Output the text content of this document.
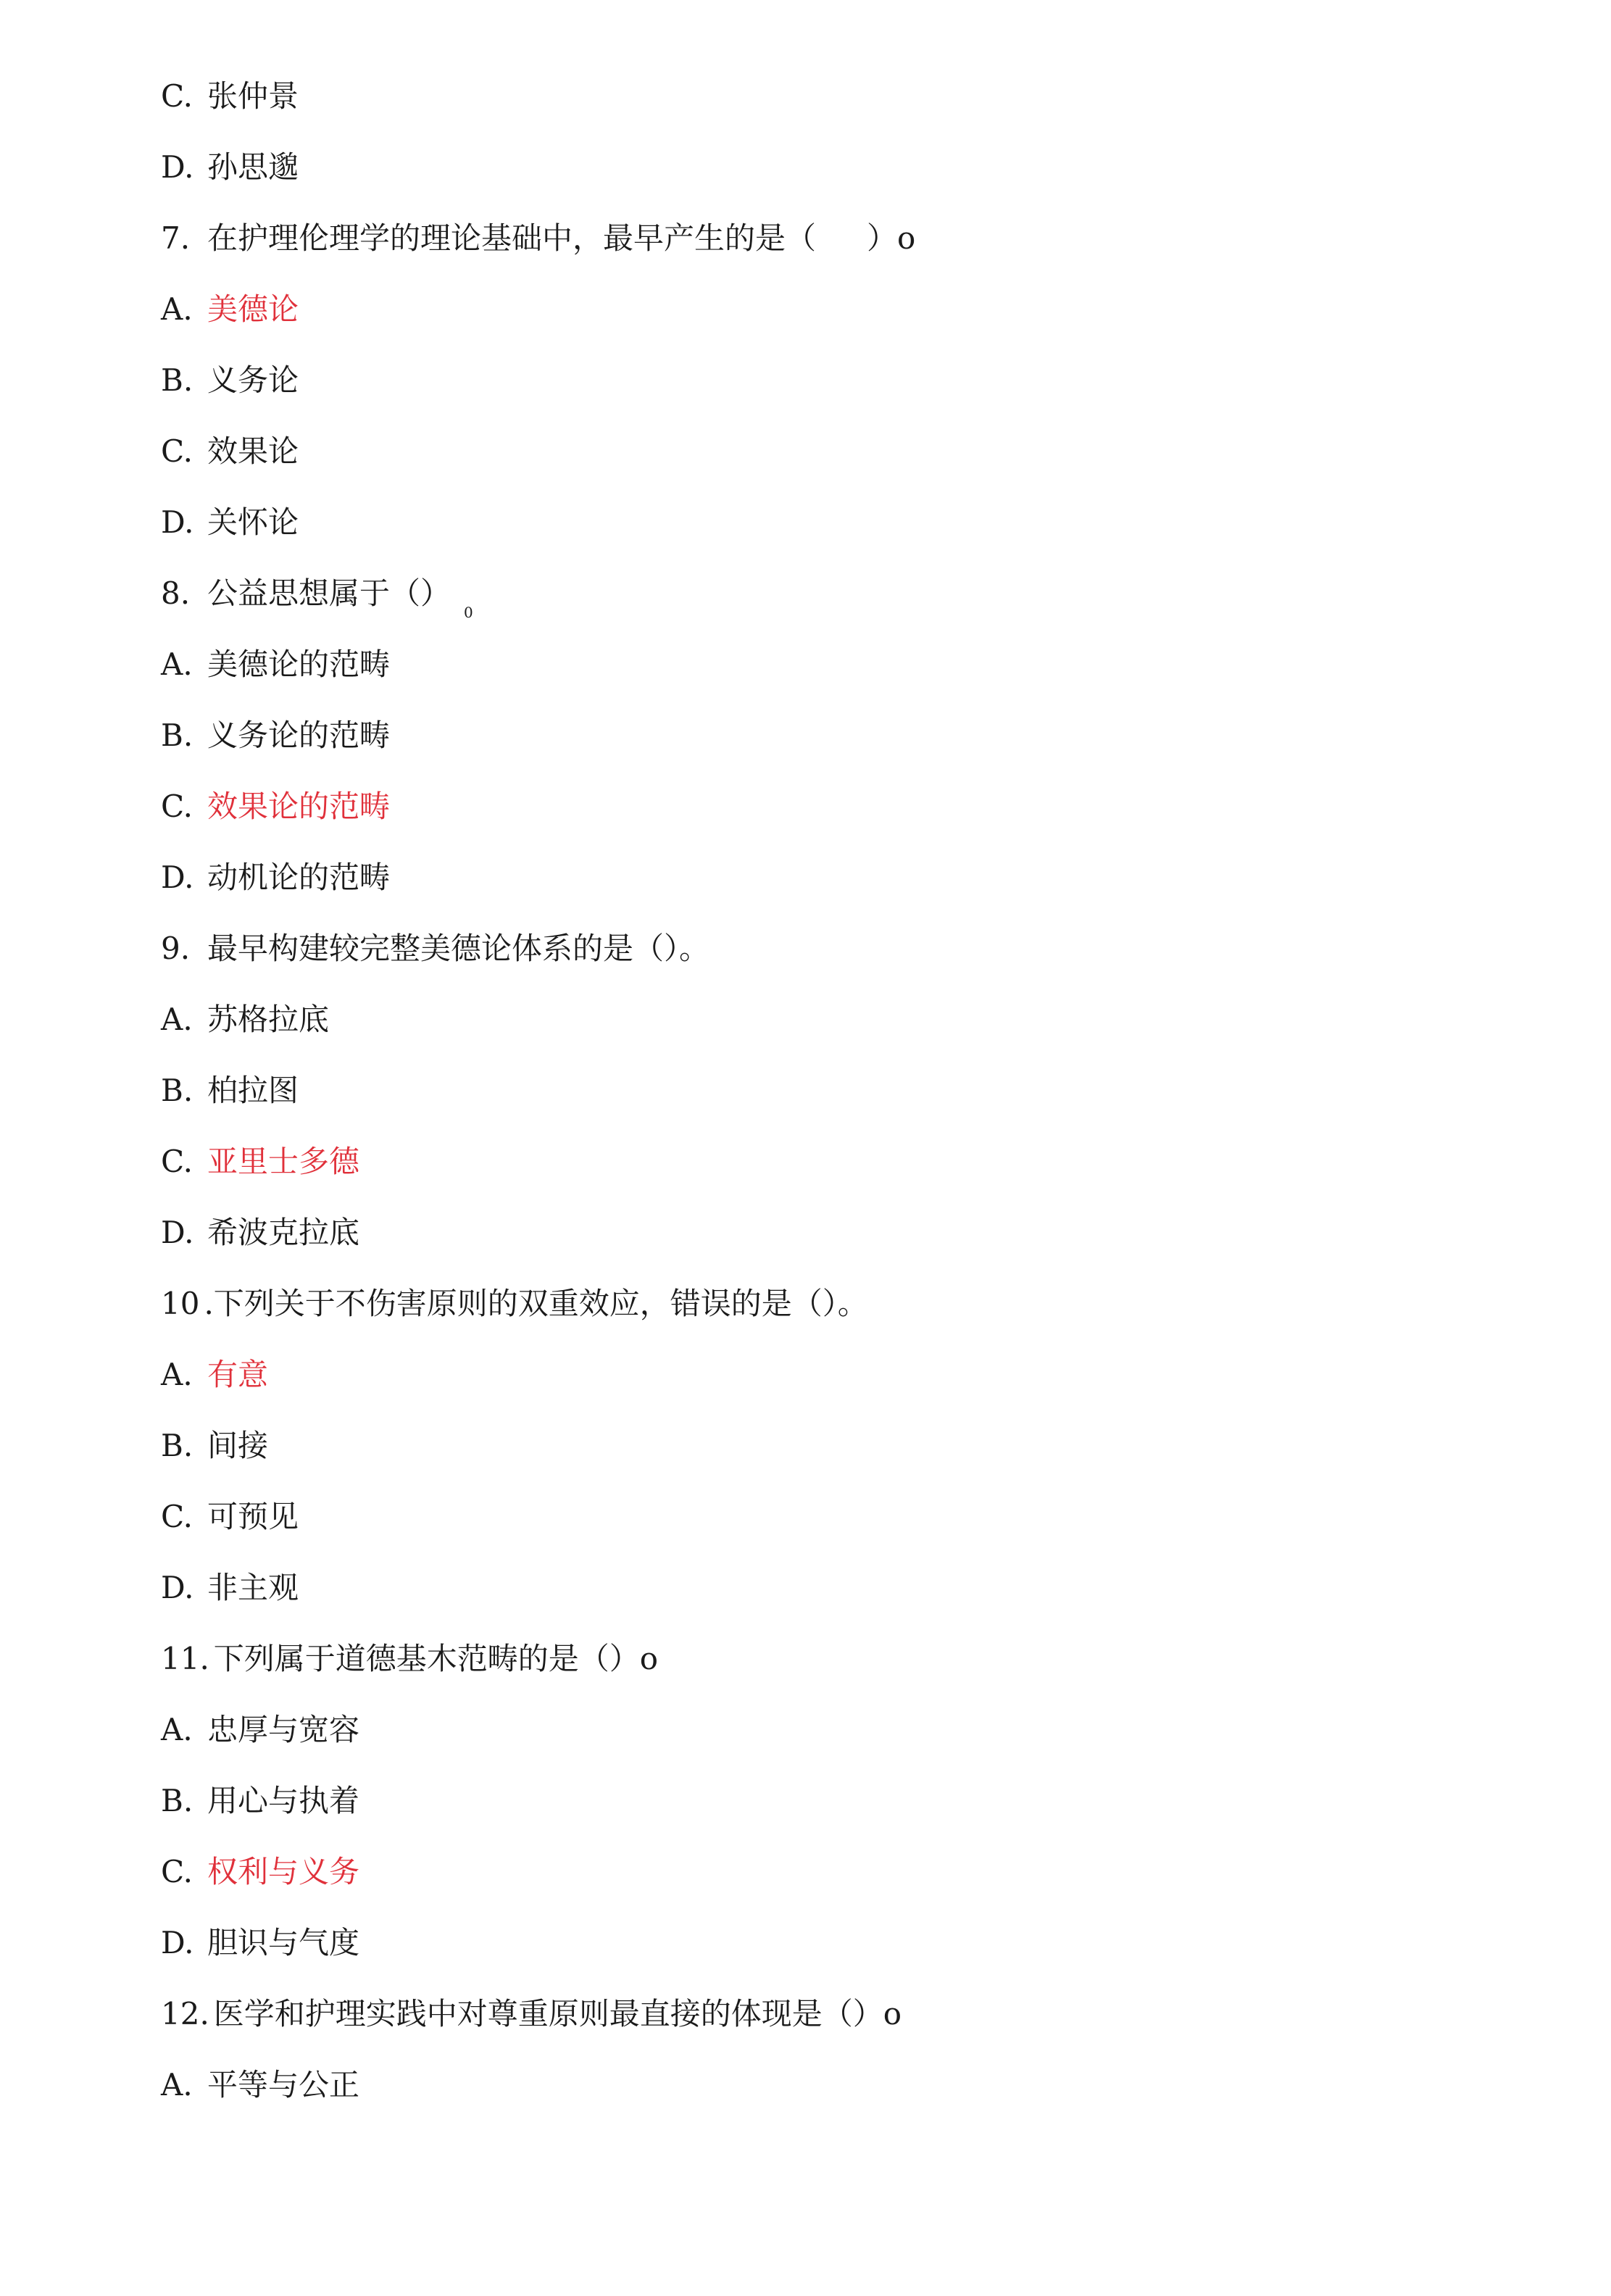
C. 张仲景
D. 孙思邈
7. 在护理伦理学的理论基础中，最早产生的是（ ）o
A. 美德论
B. 义务论
C. 效果论
D. 关怀论
8. 公益思想属于（）
0
A. 美德论的范畴
B. 义务论的范畴
C. 效果论的范畴
D. 动机论的范畴
9. 最早构建较完整美德论体系的是（）。
A. 苏格拉底
B. 柏拉图
C. 亚里士多德
D. 希波克拉底
10 .下列关于不伤害原则的双重效应，错误的是（）。
A. 有意
B. 间接
C. 可预见
D. 非主观
11. 下列属于道德基木范畴的是（）o
A. 忠厚与宽容
B. 用心与执着
C. 权利与义务
D. 胆识与气度
12. 医学和护理实践中对尊重原则最直接的体现是（）o
A. 平等与公正
